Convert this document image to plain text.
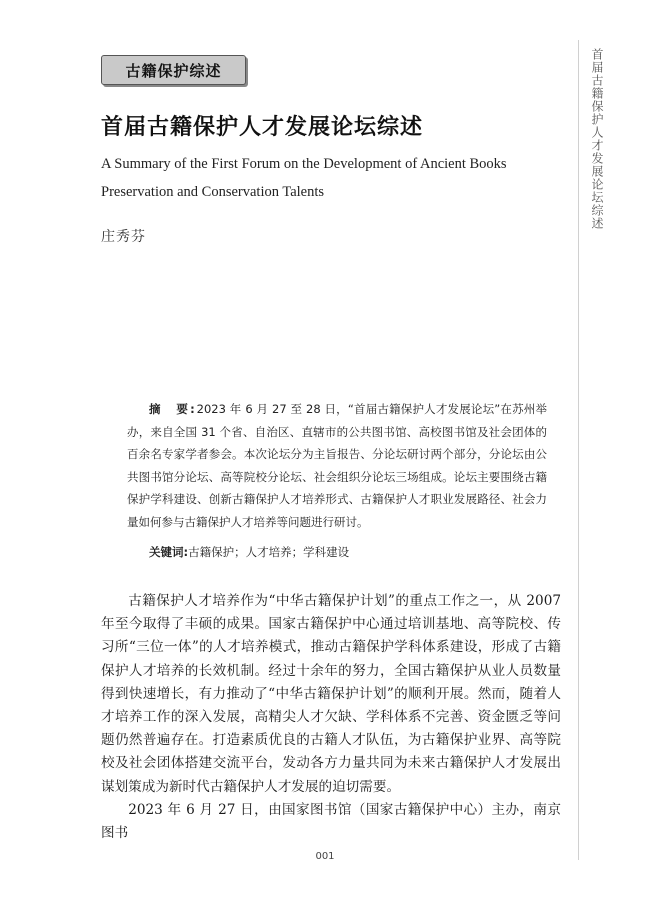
古籍保护综述	首届古籍保护人才发展论坛综述
首届古籍保护人才发展论坛综述

A Summary of the First Forum on the Development of Ancient Books Preservation and Conservation Talents

庄秀芬

摘　要:2023 年 6 月 27 至 28 日，“首届古籍保护人才发展论坛”在苏州举办，来自全国 31 个省、自治区、直辖市的公共图书馆、高校图书馆及社会团体的百余名专家学者参会。本次论坛分为主旨报告、分论坛研讨两个部分，分论坛由公共图书馆分论坛、高等院校分论坛、社会组织分论坛三场组成。论坛主要围绕古籍保护学科建设、创新古籍保护人才培养形式、古籍保护人才职业发展路径、社会力量如何参与古籍保护人才培养等问题进行研讨。

关键词:古籍保护；人才培养；学科建设

古籍保护人才培养作为“中华古籍保护计划”的重点工作之一，从 2007 年至今取得了丰硕的成果。国家古籍保护中心通过培训基地、高等院校、传习所“三位一体”的人才培养模式，推动古籍保护学科体系建设，形成了古籍保护人才培养的长效机制。经过十余年的努力，全国古籍保护从业人员数量得到快速增长，有力推动了“中华古籍保护计划”的顺利开展。然而，随着人才培养工作的深入发展，高精尖人才欠缺、学科体系不完善、资金匮乏等问题仍然普遍存在。打造素质优良的古籍人才队伍，为古籍保护业界、高等院校及社会团体搭建交流平台，发动各方力量共同为未来古籍保护人才发展出谋划策成为新时代古籍保护人才发展的迫切需要。

2023 年 6 月 27 日，由国家图书馆（国家古籍保护中心）主办，南京图书

001
